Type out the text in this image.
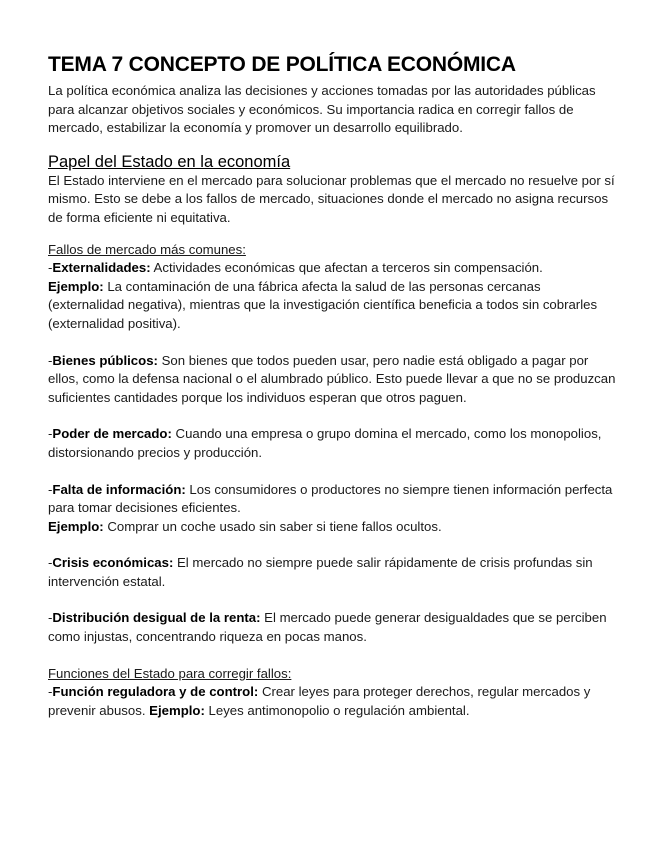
TEMA 7 CONCEPTO DE POLÍTICA ECONÓMICA

La política económica analiza las decisiones y acciones tomadas por las autoridades públicas para alcanzar objetivos sociales y económicos. Su importancia radica en corregir fallos de mercado, estabilizar la economía y promover un desarrollo equilibrado.

Papel del Estado en la economía

El Estado interviene en el mercado para solucionar problemas que el mercado no resuelve por sí mismo. Esto se debe a los fallos de mercado, situaciones donde el mercado no asigna recursos de forma eficiente ni equitativa.

Fallos de mercado más comunes:

-Externalidades: Actividades económicas que afectan a terceros sin compensación.

Ejemplo: La contaminación de una fábrica afecta la salud de las personas cercanas (externalidad negativa), mientras que la investigación científica beneficia a todos sin cobrarles (externalidad positiva).

-Bienes públicos: Son bienes que todos pueden usar, pero nadie está obligado a pagar por ellos, como la defensa nacional o el alumbrado público. Esto puede llevar a que no se produzcan suficientes cantidades porque los individuos esperan que otros paguen.

-Poder de mercado: Cuando una empresa o grupo domina el mercado, como los monopolios, distorsionando precios y producción.

-Falta de información: Los consumidores o productores no siempre tienen información perfecta para tomar decisiones eficientes.

Ejemplo: Comprar un coche usado sin saber si tiene fallos ocultos.

-Crisis económicas: El mercado no siempre puede salir rápidamente de crisis profundas sin intervención estatal.

-Distribución desigual de la renta: El mercado puede generar desigualdades que se perciben como injustas, concentrando riqueza en pocas manos.

Funciones del Estado para corregir fallos:

-Función reguladora y de control: Crear leyes para proteger derechos, regular mercados y prevenir abusos. Ejemplo: Leyes antimonopolio o regulación ambiental.
